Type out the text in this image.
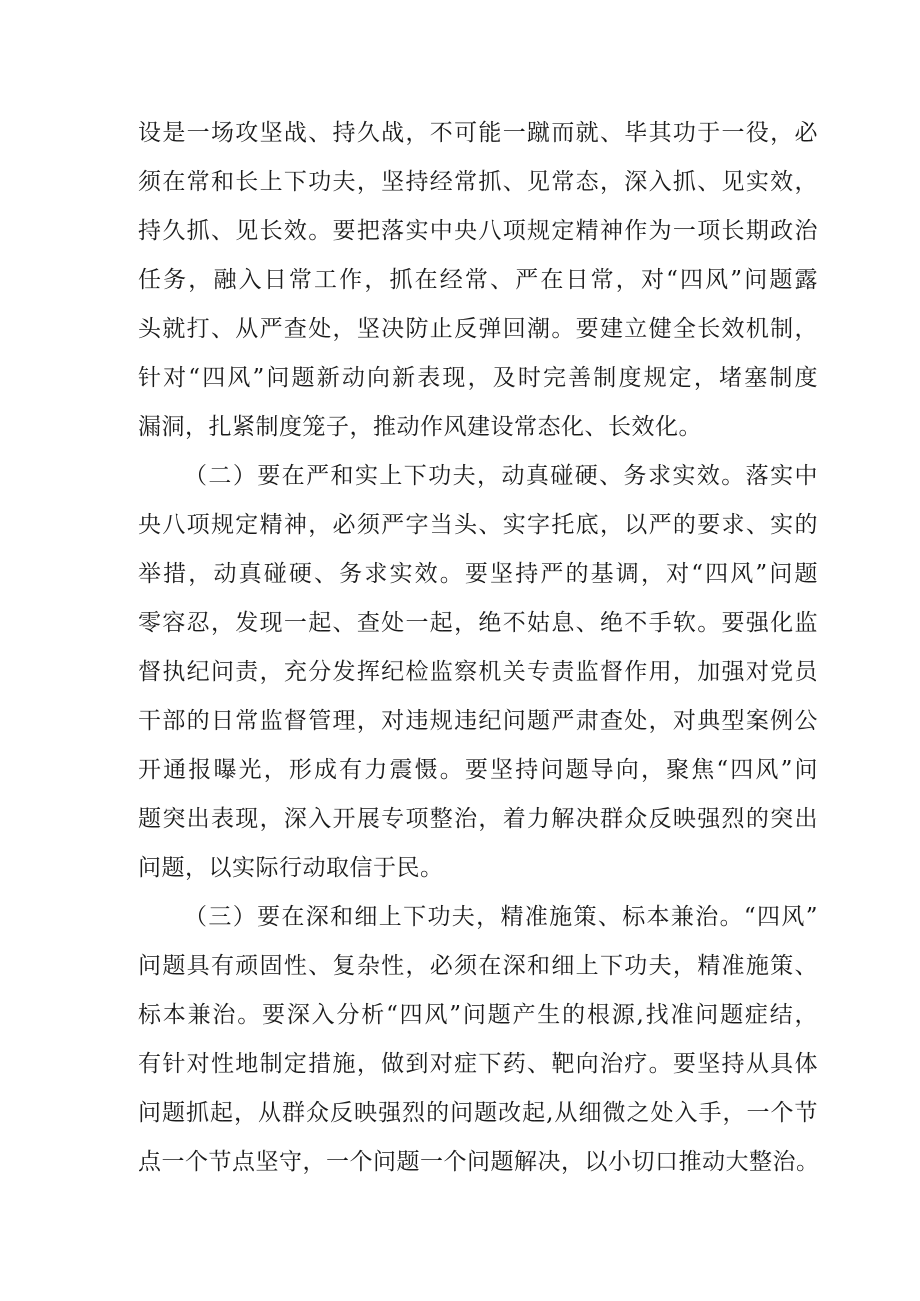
设是一场攻坚战、持久战，不可能一蹴而就、毕其功于一役，必
须在常和长上下功夫，坚持经常抓、见常态，深入抓、见实效，
持久抓、见长效。要把落实中央八项规定精神作为一项长期政治
任务，融入日常工作，抓在经常、严在日常，对“四风”问题露
头就打、从严查处，坚决防止反弹回潮。要建立健全长效机制，
针对“四风”问题新动向新表现，及时完善制度规定，堵塞制度
漏洞，扎紧制度笼子，推动作风建设常态化、长效化。
（二）要在严和实上下功夫，动真碰硬、务求实效。落实中
央八项规定精神，必须严字当头、实字托底，以严的要求、实的
举措，动真碰硬、务求实效。要坚持严的基调，对“四风”问题
零容忍，发现一起、查处一起，绝不姑息、绝不手软。要强化监
督执纪问责，充分发挥纪检监察机关专责监督作用，加强对党员
干部的日常监督管理，对违规违纪问题严肃查处，对典型案例公
开通报曝光，形成有力震慑。要坚持问题导向，聚焦“四风”问
题突出表现，深入开展专项整治，着力解决群众反映强烈的突出
问题，以实际行动取信于民。
（三）要在深和细上下功夫，精准施策、标本兼治。“四风”
问题具有顽固性、复杂性，必须在深和细上下功夫，精准施策、
标本兼治。要深入分析“四风”问题产生的根源,找准问题症结，
有针对性地制定措施，做到对症下药、靶向治疗。要坚持从具体
问题抓起，从群众反映强烈的问题改起,从细微之处入手，一个节
点一个节点坚守，一个问题一个问题解决，以小切口推动大整治。
